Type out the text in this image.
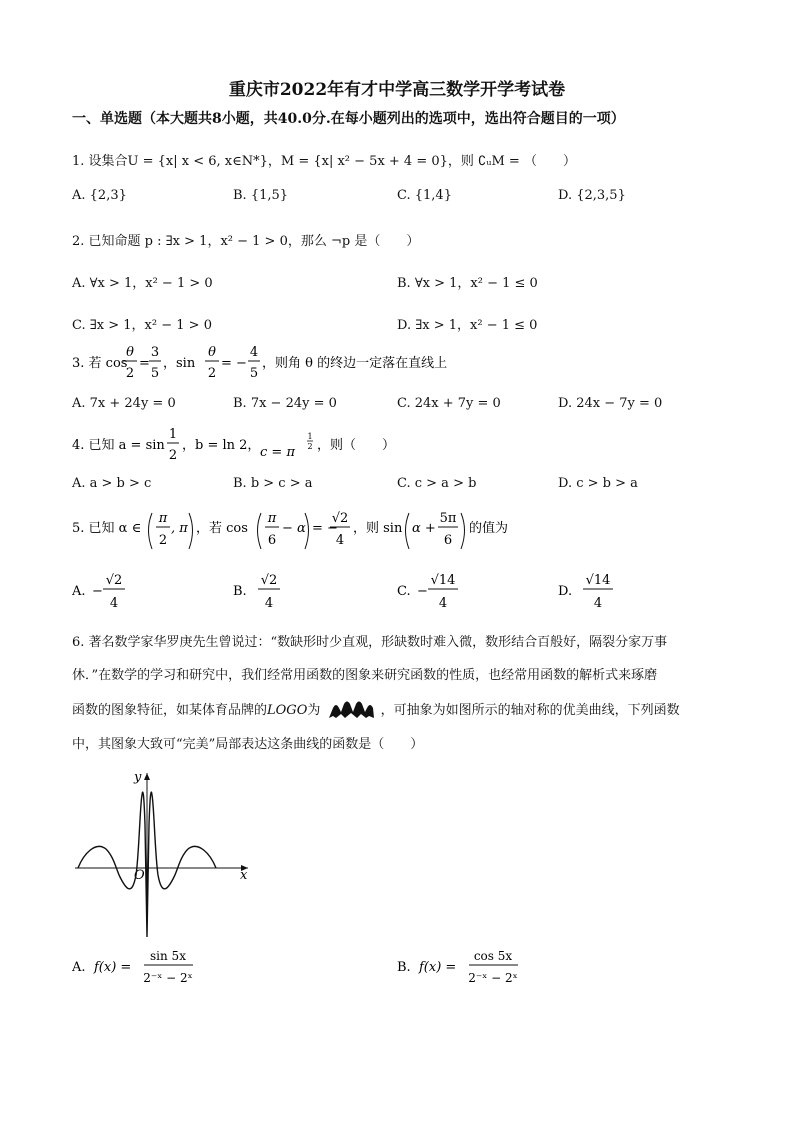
重庆市2022年有才中学高三数学开学考试卷
一、单选题（本大题共8小题，共40.0分.在每小题列出的选项中，选出符合题目的一项）
1. 设集合U = {x| x < 6, x∈N*}，M = {x| x² − 5x + 4 = 0}，则 ∁ᵤM = （　　）
A. {2,3}	B. {1,5}	C. {1,4}	D. {2,3,5}
2. 已知命题 p : ∃x > 1，x² − 1 > 0，那么 ¬p 是（　　）
A. ∀x > 1，x² − 1 > 0	B. ∀x > 1，x² − 1 ≤ 0
C. ∃x > 1，x² − 1 > 0	D. ∃x > 1，x² − 1 ≤ 0
3. 若 cos
θ
2
=
3
5
，sin
θ
2
= −
4
5
，则角 θ 的终边一定落在直线上
A. 7x + 24y = 0	B. 7x − 24y = 0	C. 24x + 7y = 0	D. 24x − 7y = 0
4. 已知 a = sin
1
2
，b = ln 2， c = π
1
2 ，则（　　）
A. a > b > c	B. b > c > a	C. c > a > b	D. c > b > a
5. 已知 α ∈
π
2
, π ，若 cos
π
6
− α = −
√2
4
，则 sin α +
5π
6
的值为
A. −
√2
4
B.
√2
4
C. −
√14
4
D.
√14
4
6. 著名数学家华罗庚先生曾说过：“数缺形时少直观，形缺数时难入微，数形结合百般好，隔裂分家万事
休．”在数学的学习和研究中，我们经常用函数的图象来研究函数的性质，也经常用函数的解析式来琢磨
函数的图象特征，如某体育品牌的LOGO为	，可抽象为如图所示的轴对称的优美曲线，下列函数
中，其图象大致可“完美”局部表达这条曲线的函数是（　　）
x
y
O
A. f(x) =
sin 5x
2⁻ˣ − 2ˣ
B. f(x) =
cos 5x
2⁻ˣ − 2ˣ
